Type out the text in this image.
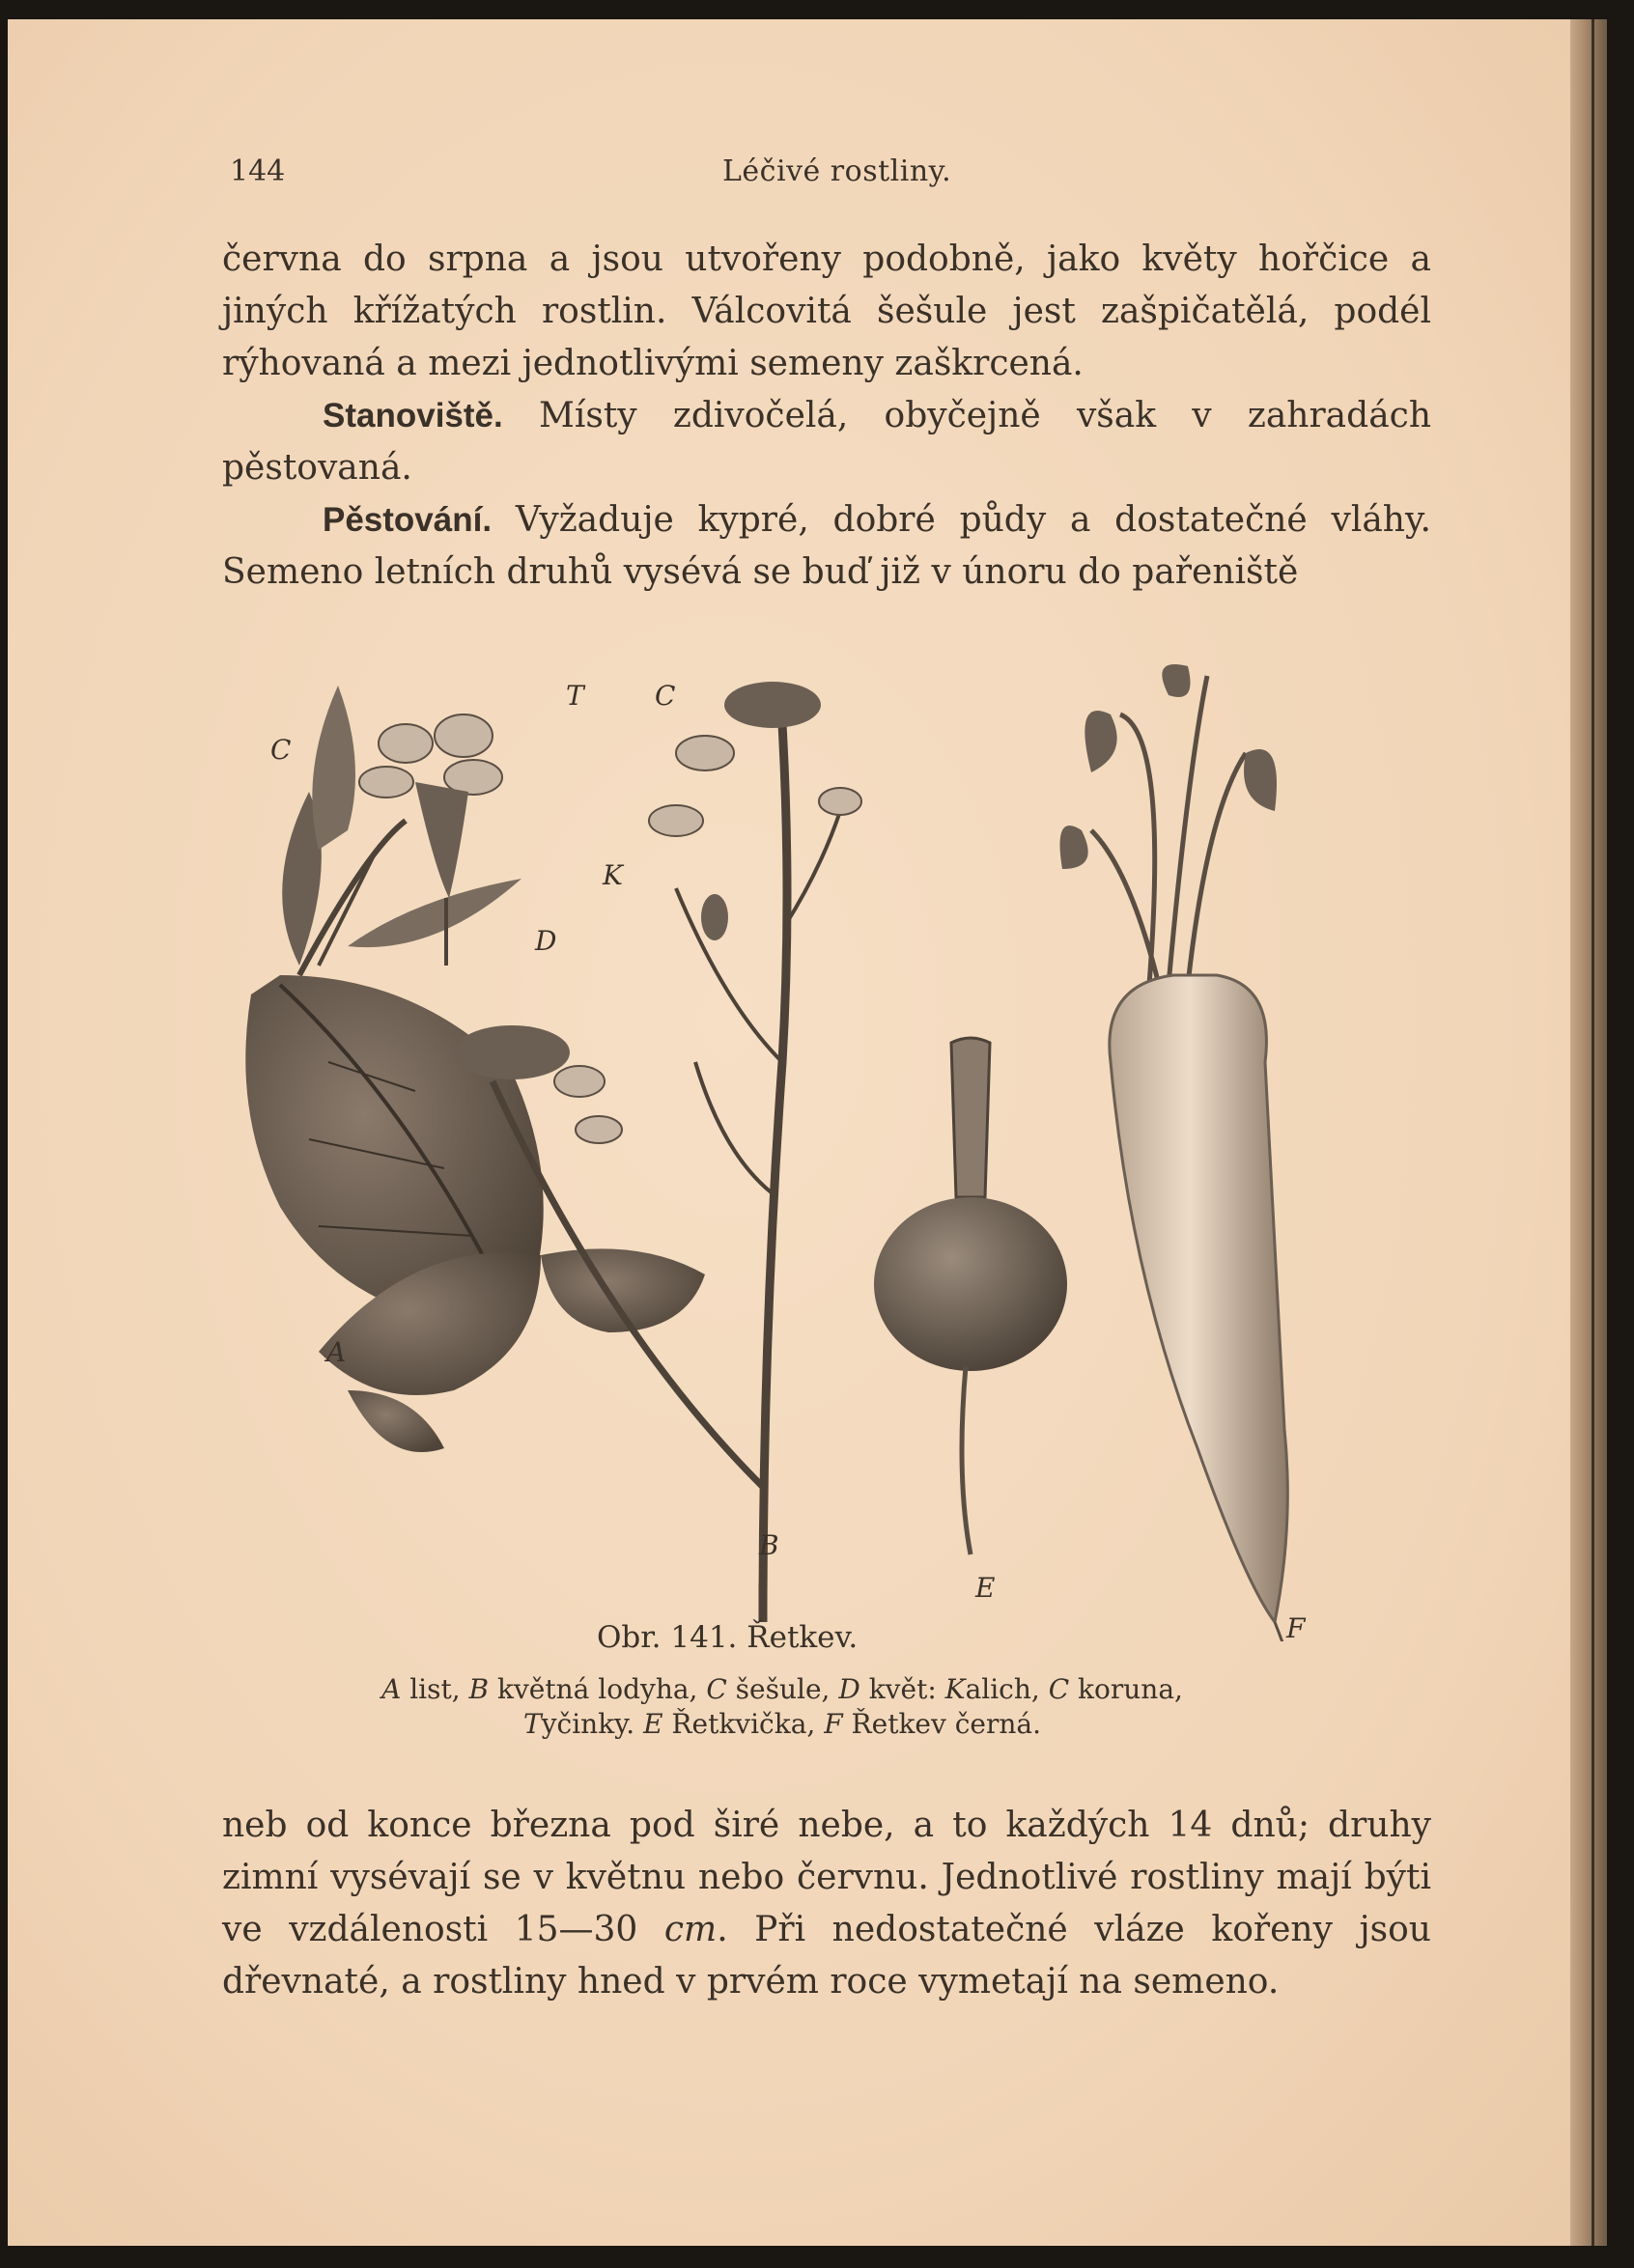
144	Léčivé rostliny.

června do srpna a jsou utvořeny podobně, jako květy hořčice a jiných křížatých rostlin. Válcovitá šešule jest zašpičatělá, podél rýhovaná a mezi jednotlivými semeny zaškrcená.

Stanoviště. Místy zdivočelá, obyčejně však v zahradách pěstovaná.

Pěstování. Vyžaduje kypré, dobré půdy a dostatečné vláhy. Semeno letních druhů vysévá se buď již v únoru do pařeniště

C
T	C
K
D
A
B
E
F
Obr. 141. Řetkev.
A list, B květná lodyha, C šešule, D květ: Kalich, C koruna,
Tyčinky. E Řetkvička, F Řetkev černá.

neb od konce března pod širé nebe, a to každých 14 dnů; druhy zimní vysévají se v květnu nebo červnu. Jednotlivé rostliny mají býti ve vzdálenosti 15—30 cm. Při nedostatečné vláze kořeny jsou dřevnaté, a rostliny hned v prvém roce vymetají na semeno.
